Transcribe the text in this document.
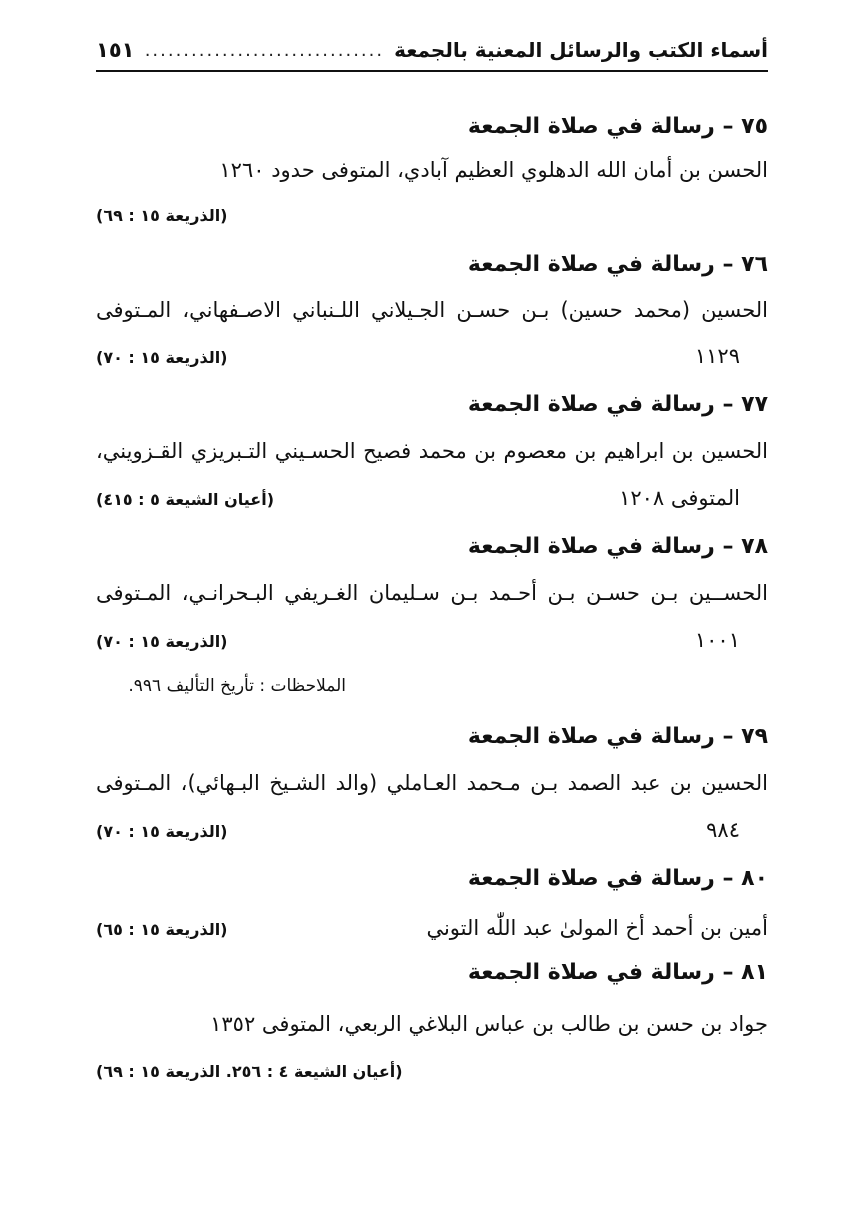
أسماء الكتب والرسائل المعنية بالجمعة
...............................
١٥١
٧٥ – رسالة في صلاة الجمعة
الحسن بن أمان الله الدهلوي العظيم آبادي، المتوفى حدود ١٢٦٠
(الذريعة ١٥ : ٦٩)
٧٦ – رسالة في صلاة الجمعة
الحسين (محمد حسين) بـن حسـن الجـيلاني اللـنباني الاصـفهاني، المـتوفى
١١٢٩
(الذريعة ١٥ : ٧٠)
٧٧ – رسالة في صلاة الجمعة
الحسين بن ابراهيم بن معصوم بن محمد فصيح الحسـيني التـبريزي القـزويني،
المتوفى ١٢٠٨
(أعيان الشيعة ٥ : ٤١٥)
٧٨ – رسالة في صلاة الجمعة
الحســين بـن حسـن بـن أحـمد بـن سـليمان الغـريفي البـحرانـي، المـتوفى
١٠٠١
(الذريعة ١٥ : ٧٠)
الملاحظات : تأريخ التأليف ٩٩٦.
٧٩ – رسالة في صلاة الجمعة
الحسين بن عبد الصمد بـن مـحمد العـاملي (والد الشـيخ البـهائي)، المـتوفى
٩٨٤
(الذريعة ١٥ : ٧٠)
٨٠ – رسالة في صلاة الجمعة
أمين بن أحمد أخ المولىٰ عبد اللّٰه التوني
(الذريعة ١٥ : ٦٥)
٨١ – رسالة في صلاة الجمعة
جواد بن حسن بن طالب بن عباس البلاغي الربعي، المتوفى ١٣٥٢
(أعيان الشيعة ٤ : ٢٥٦. الذريعة ١٥ : ٦٩)
